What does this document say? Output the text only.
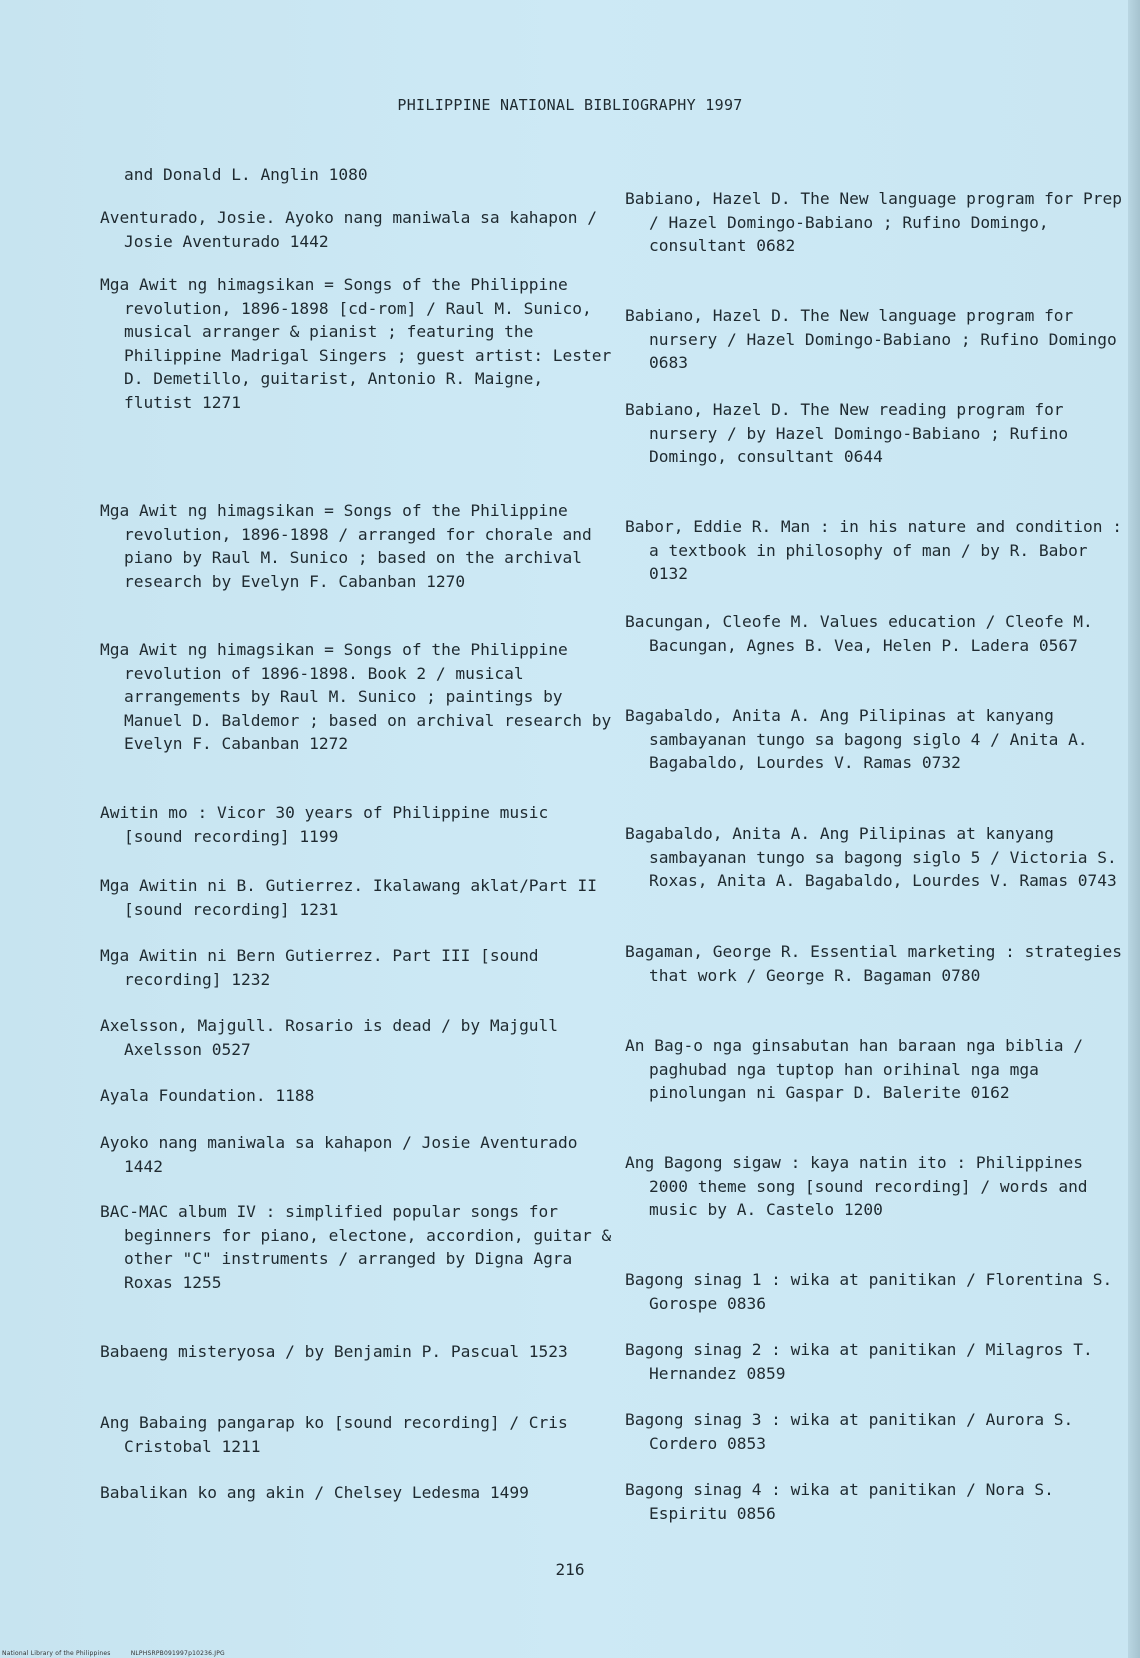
PHILIPPINE NATIONAL BIBLIOGRAPHY 1997

and Donald L. Anglin 1080

Aventurado, Josie. Ayoko nang maniwala sa kahapon / Josie Aventurado 1442

Mga Awit ng himagsikan = Songs of the Philippine revolution, 1896-1898 [cd-rom] / Raul M. Sunico, musical arranger & pianist ; featuring the Philippine Madrigal Singers ; guest artist: Lester D. Demetillo, guitarist, Antonio R. Maigne, flutist 1271

Mga Awit ng himagsikan = Songs of the Philippine revolution, 1896-1898 / arranged for chorale and piano by Raul M. Sunico ; based on the archival research by Evelyn F. Cabanban 1270

Mga Awit ng himagsikan = Songs of the Philippine revolution of 1896-1898. Book 2 / musical arrangements by Raul M. Sunico ; paintings by Manuel D. Baldemor ; based on archival research by Evelyn F. Cabanban 1272

Awitin mo : Vicor 30 years of Philippine music [sound recording] 1199

Mga Awitin ni B. Gutierrez. Ikalawang aklat/Part II [sound recording] 1231

Mga Awitin ni Bern Gutierrez. Part III [sound recording] 1232

Axelsson, Majgull. Rosario is dead / by Majgull Axelsson 0527

Ayala Foundation. 1188

Ayoko nang maniwala sa kahapon / Josie Aventurado 1442

BAC-MAC album IV : simplified popular songs for beginners for piano, electone, accordion, guitar & other "C" instruments / arranged by Digna Agra Roxas 1255

Babaeng misteryosa / by Benjamin P. Pascual 1523

Ang Babaing pangarap ko [sound recording] / Cris Cristobal 1211

Babalikan ko ang akin / Chelsey Ledesma 1499

Babiano, Hazel D. The New language program for Prep / Hazel Domingo-Babiano ; Rufino Domingo, consultant 0682

Babiano, Hazel D. The New language program for nursery / Hazel Domingo-Babiano ; Rufino Domingo 0683

Babiano, Hazel D. The New reading program for nursery / by Hazel Domingo-Babiano ; Rufino Domingo, consultant 0644

Babor, Eddie R. Man : in his nature and condition : a textbook in philosophy of man / by R. Babor 0132

Bacungan, Cleofe M. Values education / Cleofe M. Bacungan, Agnes B. Vea, Helen P. Ladera 0567

Bagabaldo, Anita A. Ang Pilipinas at kanyang sambayanan tungo sa bagong siglo 4 / Anita A. Bagabaldo, Lourdes V. Ramas 0732

Bagabaldo, Anita A. Ang Pilipinas at kanyang sambayanan tungo sa bagong siglo 5 / Victoria S. Roxas, Anita A. Bagabaldo, Lourdes V. Ramas 0743

Bagaman, George R. Essential marketing : strategies that work / George R. Bagaman 0780

An Bag-o nga ginsabutan han baraan nga biblia / paghubad nga tuptop han orihinal nga mga pinolungan ni Gaspar D. Balerite 0162

Ang Bagong sigaw : kaya natin ito : Philippines 2000 theme song [sound recording] / words and music by A. Castelo 1200

Bagong sinag 1 : wika at panitikan / Florentina S. Gorospe 0836

Bagong sinag 2 : wika at panitikan / Milagros T. Hernandez 0859

Bagong sinag 3 : wika at panitikan / Aurora S. Cordero 0853

Bagong sinag 4 : wika at panitikan / Nora S. Espiritu 0856

216
National Library of the Philippines	NLPHSRPB091997p10236.JPG
